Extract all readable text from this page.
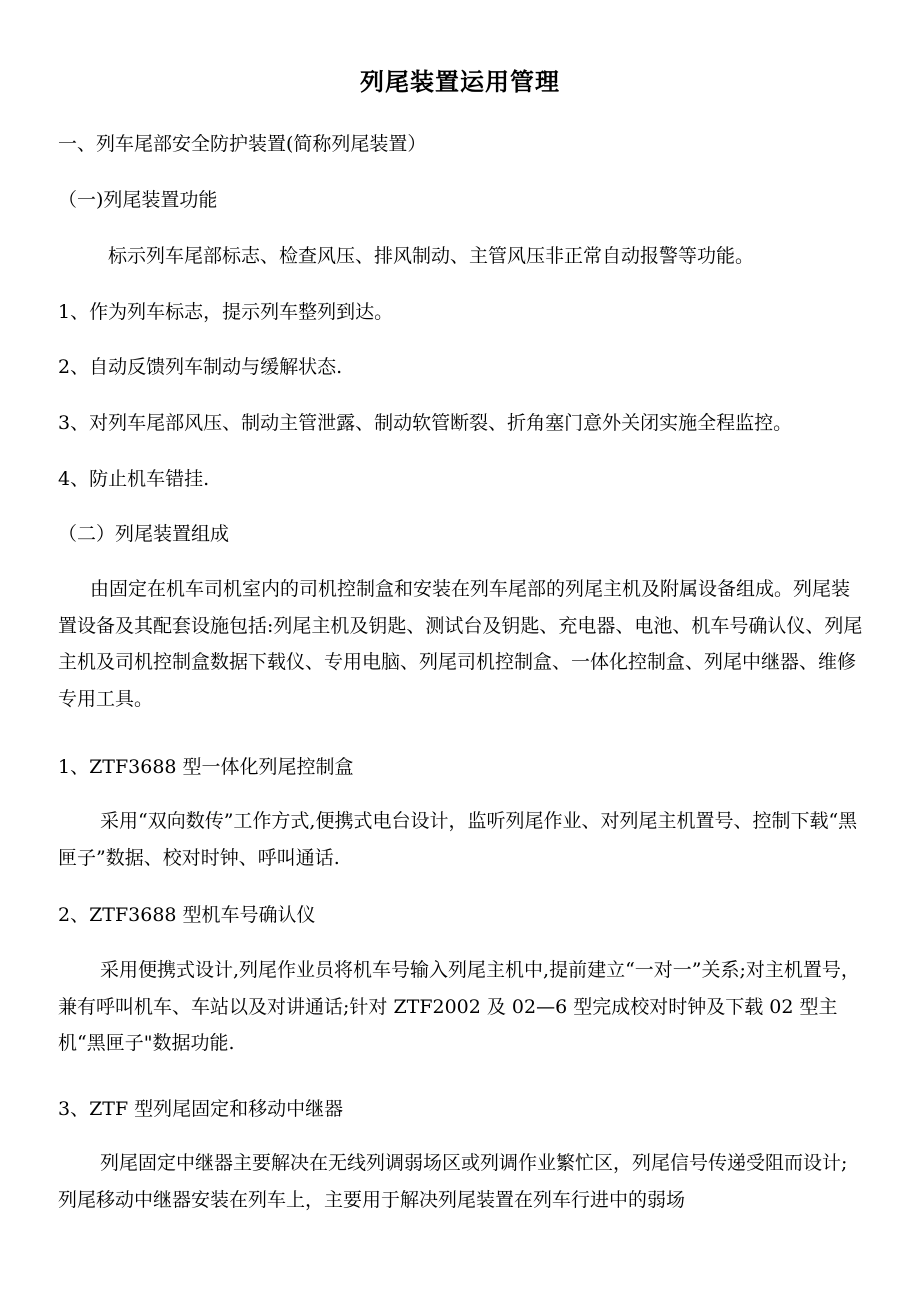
列尾装置运用管理
一、列车尾部安全防护装置(简称列尾装置）
（一)列尾装置功能
标示列车尾部标志、检查风压、排风制动、主管风压非正常自动报警等功能。
1、作为列车标志，提示列车整列到达。
2、自动反馈列车制动与缓解状态.
3、对列车尾部风压、制动主管泄露、制动软管断裂、折角塞门意外关闭实施全程监控。
4、防止机车错挂.
（二）列尾装置组成
由固定在机车司机室内的司机控制盒和安装在列车尾部的列尾主机及附属设备组成。列尾装置设备及其配套设施包括:列尾主机及钥匙、测试台及钥匙、充电器、电池、机车号确认仪、列尾主机及司机控制盒数据下载仪、专用电脑、列尾司机控制盒、一体化控制盒、列尾中继器、维修专用工具。
1、ZTF3688 型一体化列尾控制盒
采用“双向数传”工作方式,便携式电台设计，监听列尾作业、对列尾主机置号、控制下载“黑匣子”数据、校对时钟、呼叫通话.
2、ZTF3688 型机车号确认仪
采用便携式设计,列尾作业员将机车号输入列尾主机中,提前建立“一对一”关系;对主机置号，兼有呼叫机车、车站以及对讲通话;针对 ZTF2002 及 02—6 型完成校对时钟及下载 02 型主机“黑匣子"数据功能.
3、ZTF 型列尾固定和移动中继器
列尾固定中继器主要解决在无线列调弱场区或列调作业繁忙区，列尾信号传递受阻而设计;列尾移动中继器安装在列车上，主要用于解决列尾装置在列车行进中的弱场
